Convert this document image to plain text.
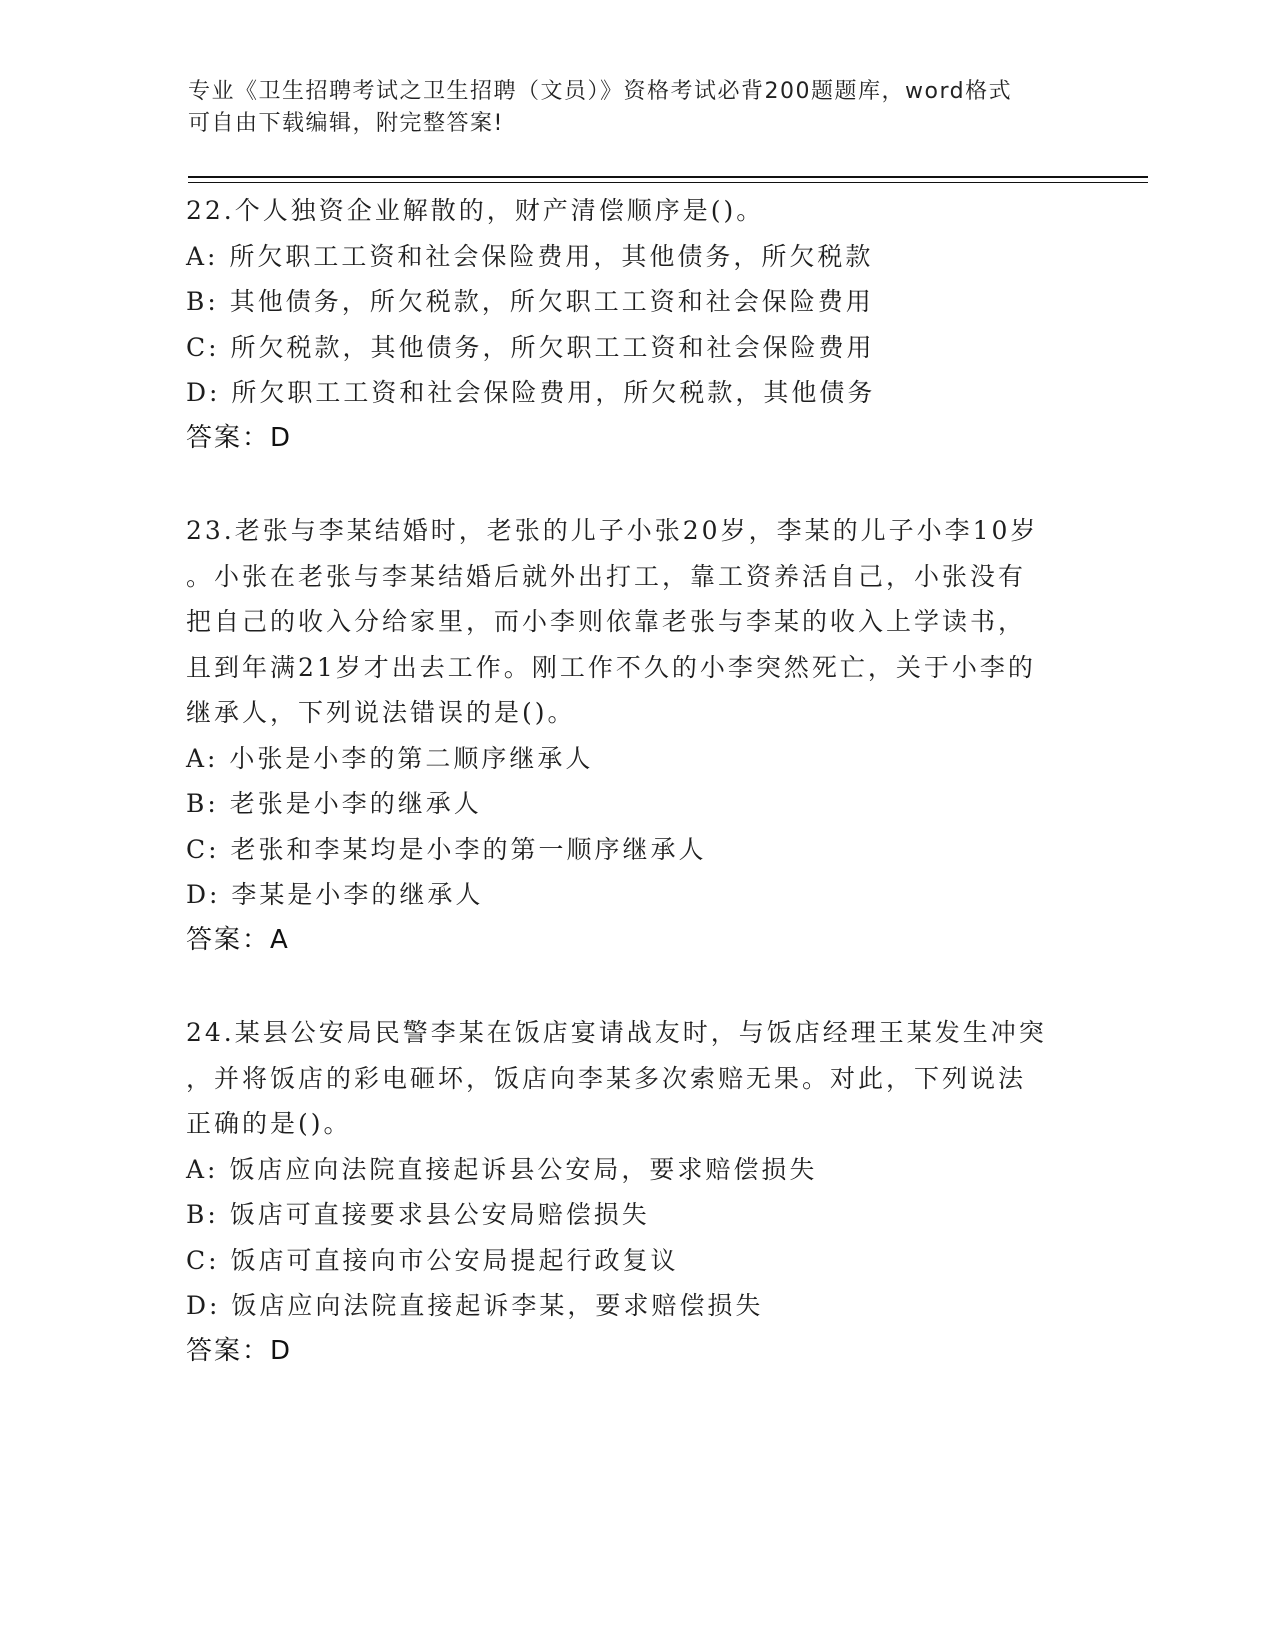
专业《卫生招聘考试之卫生招聘（文员）》资格考试必背200题题库，word格式
可自由下载编辑，附完整答案!
22.个人独资企业解散的，财产清偿顺序是()。
A: 所欠职工工资和社会保险费用，其他债务，所欠税款
B: 其他债务，所欠税款，所欠职工工资和社会保险费用
C: 所欠税款，其他债务，所欠职工工资和社会保险费用
D: 所欠职工工资和社会保险费用，所欠税款，其他债务
答案：D
23.老张与李某结婚时，老张的儿子小张20岁，李某的儿子小李10岁
。小张在老张与李某结婚后就外出打工，靠工资养活自己，小张没有
把自己的收入分给家里，而小李则依靠老张与李某的收入上学读书，
且到年满21岁才出去工作。刚工作不久的小李突然死亡，关于小李的
继承人，下列说法错误的是()。
A: 小张是小李的第二顺序继承人
B: 老张是小李的继承人
C: 老张和李某均是小李的第一顺序继承人
D: 李某是小李的继承人
答案：A
24.某县公安局民警李某在饭店宴请战友时，与饭店经理王某发生冲突
，并将饭店的彩电砸坏，饭店向李某多次索赔无果。对此，下列说法
正确的是()。
A: 饭店应向法院直接起诉县公安局，要求赔偿损失
B: 饭店可直接要求县公安局赔偿损失
C: 饭店可直接向市公安局提起行政复议
D: 饭店应向法院直接起诉李某，要求赔偿损失
答案：D
